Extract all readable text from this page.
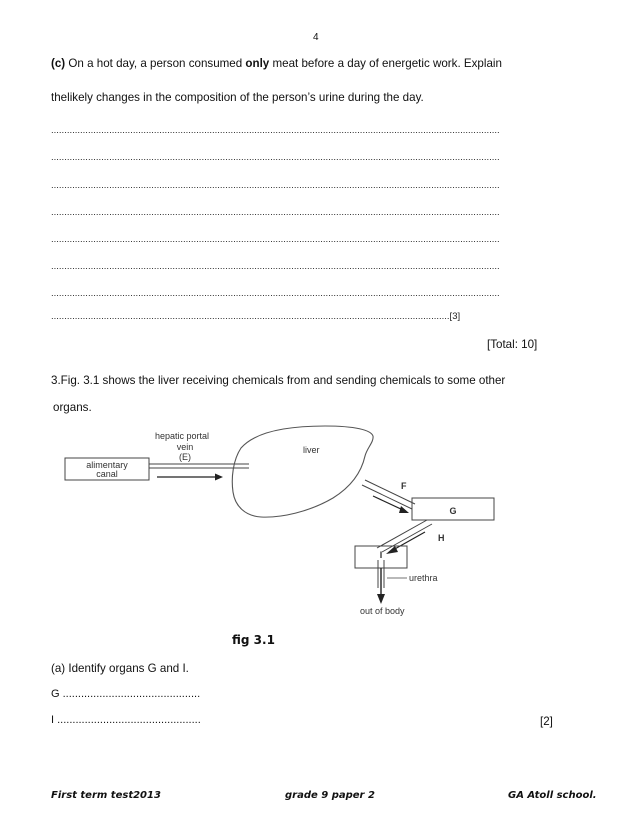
4
(c) On a hot day, a person consumed only meat before a day of energetic work. Explain
thelikely changes in the composition of the person’s urine during the day.
..........................................................................................................................................................................
..........................................................................................................................................................................
..........................................................................................................................................................................
..........................................................................................................................................................................
..........................................................................................................................................................................
..........................................................................................................................................................................
..........................................................................................................................................................................
.......................................................................................................................................................[3]
[Total: 10]
3.Fig. 3.1 shows the liver receiving chemicals from and sending chemicals to some other
organs.
alimentary
canal
hepatic portal
vein
(E)
liver
F
G
H
I
urethra
out of body
fig 3.1
(a) Identify organs G and I.
G .............................................
I ...............................................	[2]
First term test2013	grade 9 paper 2	GA Atoll school.
